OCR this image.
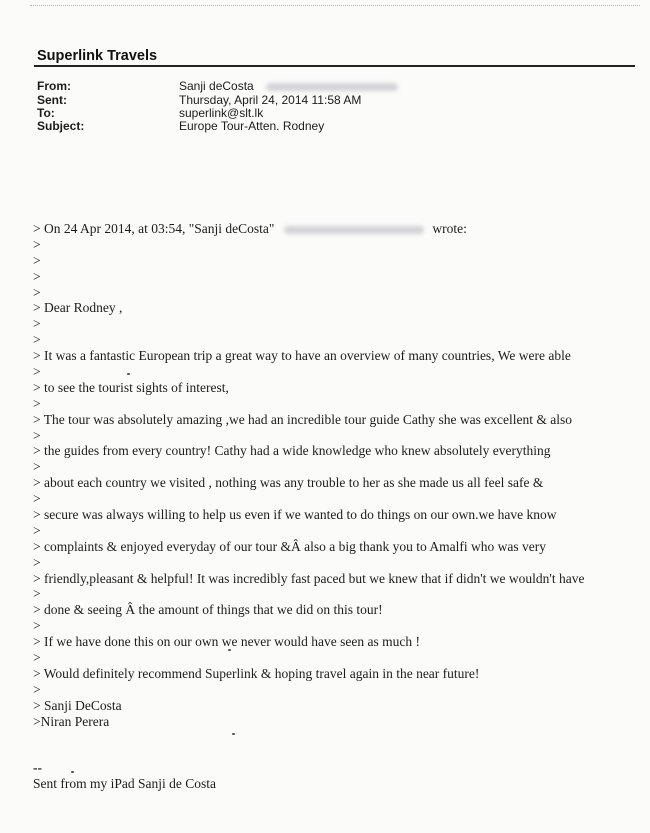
Superlink Travels
From:	Sanji deCosta
Sent:	Thursday, April 24, 2014 11:58 AM
To:	superlink@slt.lk
Subject:	Europe Tour-Atten. Rodney
> On 24 Apr 2014, at 03:54, "Sanji deCosta"	wrote:
>
>
>
>
> Dear Rodney ,
>
>
> It was a fantastic European trip a great way to have an overview of many countries, We were able
>
> to see the tourist sights of interest,
>
> The tour was absolutely amazing ,we had an incredible tour guide Cathy she was excellent & also
>
> the guides from every country! Cathy had a wide knowledge who knew absolutely everything
>
> about each country we visited , nothing was any trouble to her as she made us all feel safe &
>
> secure was always willing to help us even if we wanted to do things on our own.we have know
>
> complaints & enjoyed everyday of our tour &Â also a big thank you to Amalfi who was very
>
> friendly,pleasant & helpful! It was incredibly fast paced but we knew that if didn't we wouldn't have
>
> done & seeing Â the amount of things that we did on this tour!
>
> If we have done this on our own we never would have seen as much !
>
> Would definitely recommend Superlink & hoping travel again in the near future!
>
> Sanji DeCosta
>Niran Perera
--
Sent from my iPad Sanji de Costa
